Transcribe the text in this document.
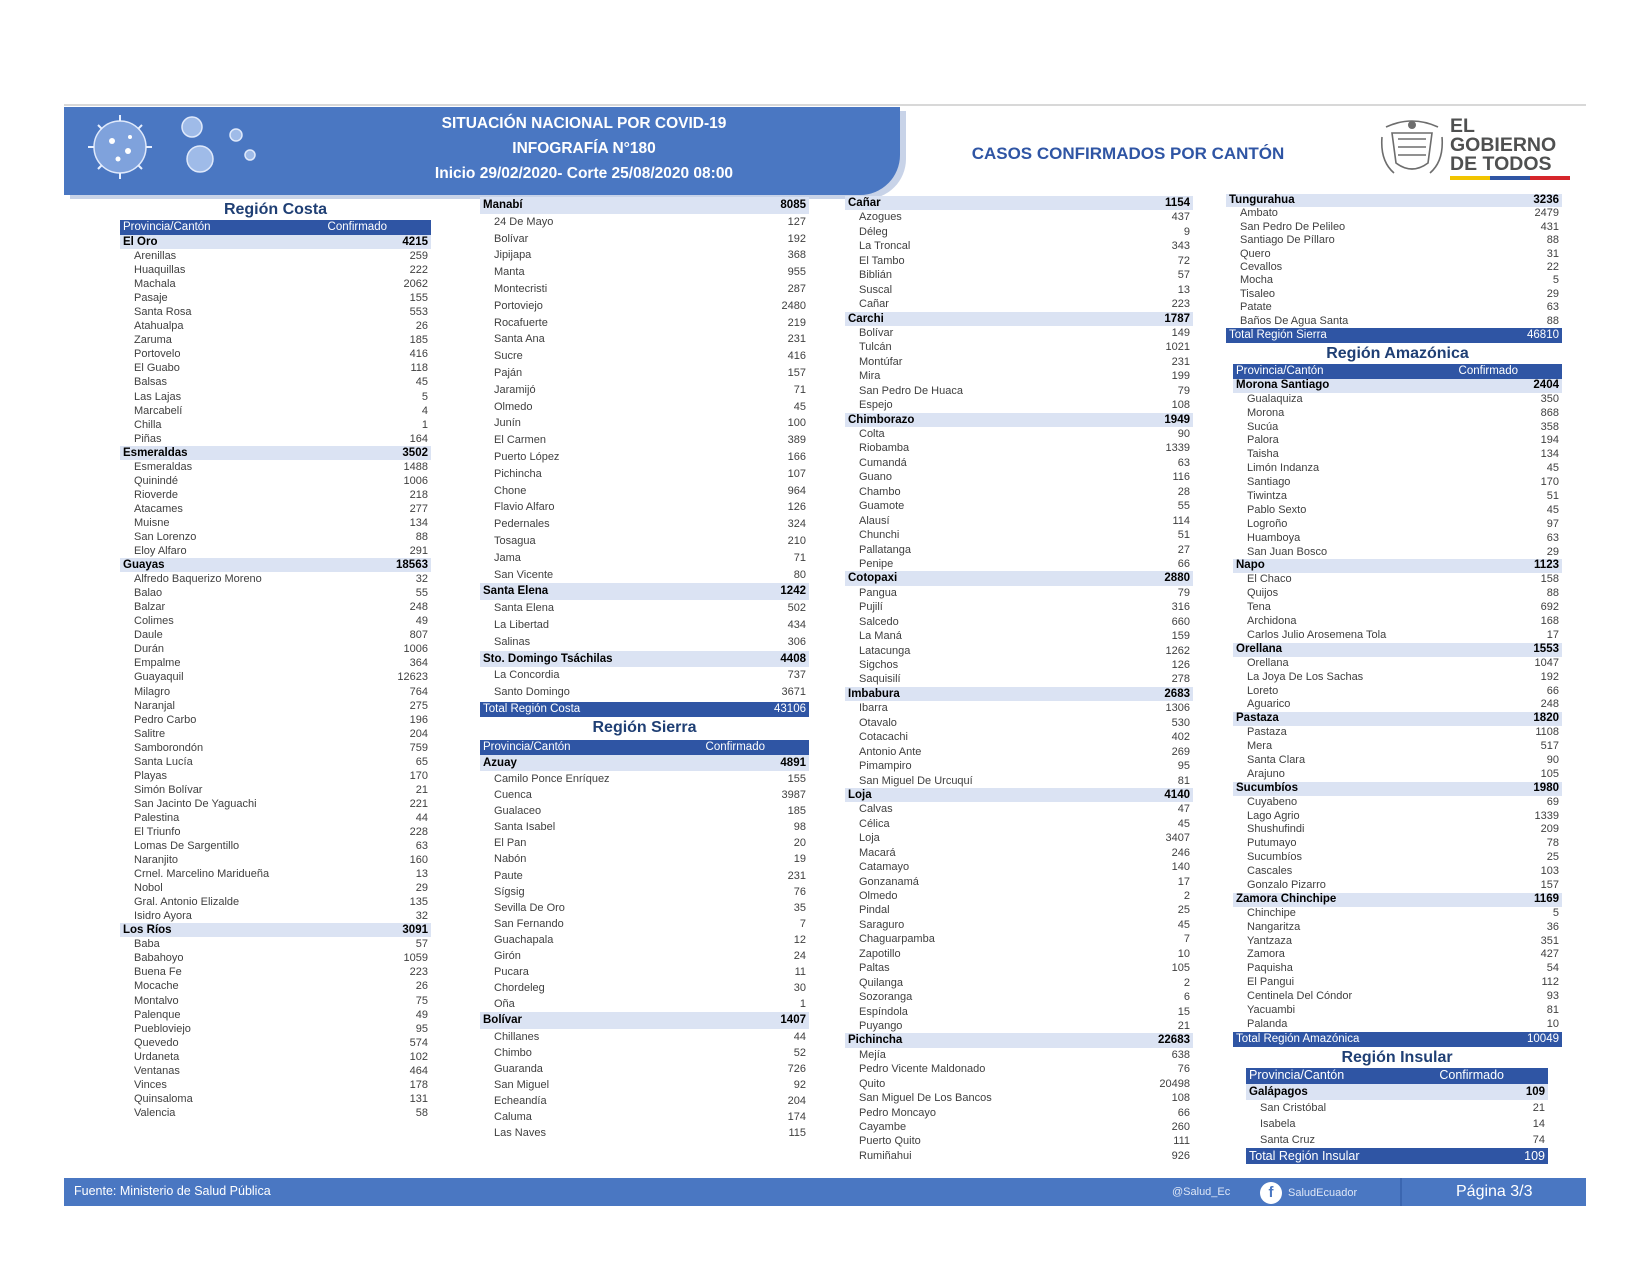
SITUACIÓN NACIONAL POR COVID-19
INFOGRAFÍA N°180
Inicio 29/02/2020- Corte 25/08/2020 08:00
CASOS CONFIRMADOS POR CANTÓN
EL
GOBIERNO
DE TODOS
Región Costa
Provincia/Cantón	Confirmado
El Oro	4215
Arenillas	259
Huaquillas	222
Machala	2062
Pasaje	155
Santa Rosa	553
Atahualpa	26
Zaruma	185
Portovelo	416
El Guabo	118
Balsas	45
Las Lajas	5
Marcabelí	4
Chilla	1
Piñas	164
Esmeraldas	3502
Esmeraldas	1488
Quinindé	1006
Rioverde	218
Atacames	277
Muisne	134
San Lorenzo	88
Eloy Alfaro	291
Guayas	18563
Alfredo Baquerizo Moreno	32
Balao	55
Balzar	248
Colimes	49
Daule	807
Durán	1006
Empalme	364
Guayaquil	12623
Milagro	764
Naranjal	275
Pedro Carbo	196
Salitre	204
Samborondón	759
Santa Lucía	65
Playas	170
Simón Bolívar	21
San Jacinto De Yaguachi	221
Palestina	44
El Triunfo	228
Lomas De Sargentillo	63
Naranjito	160
Crnel. Marcelino Maridueña	13
Nobol	29
Gral. Antonio Elizalde	135
Isidro Ayora	32
Los Ríos	3091
Baba	57
Babahoyo	1059
Buena Fe	223
Mocache	26
Montalvo	75
Palenque	49
Puebloviejo	95
Quevedo	574
Urdaneta	102
Ventanas	464
Vinces	178
Quinsaloma	131
Valencia	58
Manabí	8085
24 De Mayo	127
Bolívar	192
Jipijapa	368
Manta	955
Montecristi	287
Portoviejo	2480
Rocafuerte	219
Santa Ana	231
Sucre	416
Paján	157
Jaramijó	71
Olmedo	45
Junín	100
El Carmen	389
Puerto López	166
Pichincha	107
Chone	964
Flavio Alfaro	126
Pedernales	324
Tosagua	210
Jama	71
San Vicente	80
Santa Elena	1242
Santa Elena	502
La Libertad	434
Salinas	306
Sto. Domingo Tsáchilas	4408
La Concordia	737
Santo Domingo	3671
Total Región Costa	43106
Región Sierra
Provincia/Cantón	Confirmado
Azuay	4891
Camilo Ponce Enríquez	155
Cuenca	3987
Gualaceo	185
Santa Isabel	98
El Pan	20
Nabón	19
Paute	231
Sígsig	76
Sevilla De Oro	35
San Fernando	7
Guachapala	12
Girón	24
Pucara	11
Chordeleg	30
Oña	1
Bolívar	1407
Chillanes	44
Chimbo	52
Guaranda	726
San Miguel	92
Echeandía	204
Caluma	174
Las Naves	115
Cañar	1154
Azogues	437
Déleg	9
La Troncal	343
El Tambo	72
Biblián	57
Suscal	13
Cañar	223
Carchi	1787
Bolívar	149
Tulcán	1021
Montúfar	231
Mira	199
San Pedro De Huaca	79
Espejo	108
Chimborazo	1949
Colta	90
Riobamba	1339
Cumandá	63
Guano	116
Chambo	28
Guamote	55
Alausí	114
Chunchi	51
Pallatanga	27
Penipe	66
Cotopaxi	2880
Pangua	79
Pujilí	316
Salcedo	660
La Maná	159
Latacunga	1262
Sigchos	126
Saquisilí	278
Imbabura	2683
Ibarra	1306
Otavalo	530
Cotacachi	402
Antonio Ante	269
Pimampiro	95
San Miguel De Urcuquí	81
Loja	4140
Calvas	47
Célica	45
Loja	3407
Macará	246
Catamayo	140
Gonzanamá	17
Olmedo	2
Pindal	25
Saraguro	45
Chaguarpamba	7
Zapotillo	10
Paltas	105
Quilanga	2
Sozoranga	6
Espíndola	15
Puyango	21
Pichincha	22683
Mejía	638
Pedro Vicente Maldonado	76
Quito	20498
San Miguel De Los Bancos	108
Pedro Moncayo	66
Cayambe	260
Puerto Quito	111
Rumiñahui	926
Tungurahua	3236
Ambato	2479
San Pedro De Pelileo	431
Santiago De Píllaro	88
Quero	31
Cevallos	22
Mocha	5
Tisaleo	29
Patate	63
Baños De Agua Santa	88
Total Región Sierra	46810
Región Amazónica
Provincia/Cantón	Confirmado
Morona Santiago	2404
Gualaquiza	350
Morona	868
Sucúa	358
Palora	194
Taisha	134
Limón Indanza	45
Santiago	170
Tiwintza	51
Pablo Sexto	45
Logroño	97
Huamboya	63
San Juan Bosco	29
Napo	1123
El Chaco	158
Quijos	88
Tena	692
Archidona	168
Carlos Julio Arosemena Tola	17
Orellana	1553
Orellana	1047
La Joya De Los Sachas	192
Loreto	66
Aguarico	248
Pastaza	1820
Pastaza	1108
Mera	517
Santa Clara	90
Arajuno	105
Sucumbíos	1980
Cuyabeno	69
Lago Agrio	1339
Shushufindi	209
Putumayo	78
Sucumbíos	25
Cascales	103
Gonzalo Pizarro	157
Zamora Chinchipe	1169
Chinchipe	5
Nangaritza	36
Yantzaza	351
Zamora	427
Paquisha	54
El Pangui	112
Centinela Del Cóndor	93
Yacuambi	81
Palanda	10
Total Región Amazónica	10049
Región Insular
Provincia/Cantón	Confirmado
Galápagos	109
San Cristóbal	21
Isabela	14
Santa Cruz	74
Total Región Insular	109
Fuente: Ministerio de Salud Pública	@Salud_Ec	f	SaludEcuador	Página 3/3
